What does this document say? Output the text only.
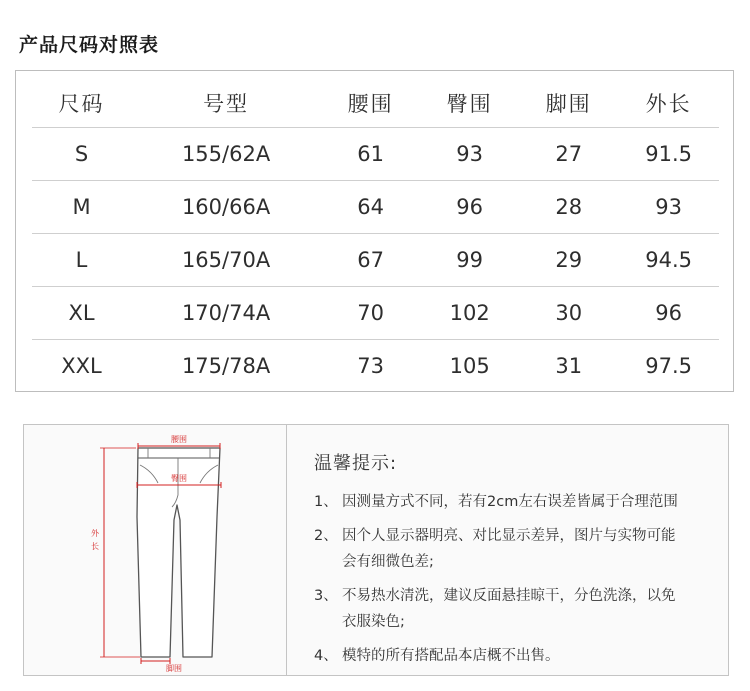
产品尺码对照表
尺码	号型	腰围	臀围	脚围	外长
S	155/62A	61	93	27	91.5
M	160/66A	64	96	28	93
L	165/70A	67	99	29	94.5
XL	170/74A	70	102	30	96
XXL	175/78A	73	105	31	97.5
腰围
臀围
外
长
脚围
温馨提示:
1、 因测量方式不同，若有2cm左右误差皆属于合理范围
2、 因个人显示器明亮、对比显示差异，图片与实物可能
会有细微色差;
3、 不易热水清洗，建议反面悬挂晾干，分色洗涤，以免
衣服染色;
4、 模特的所有搭配品本店概不出售。
